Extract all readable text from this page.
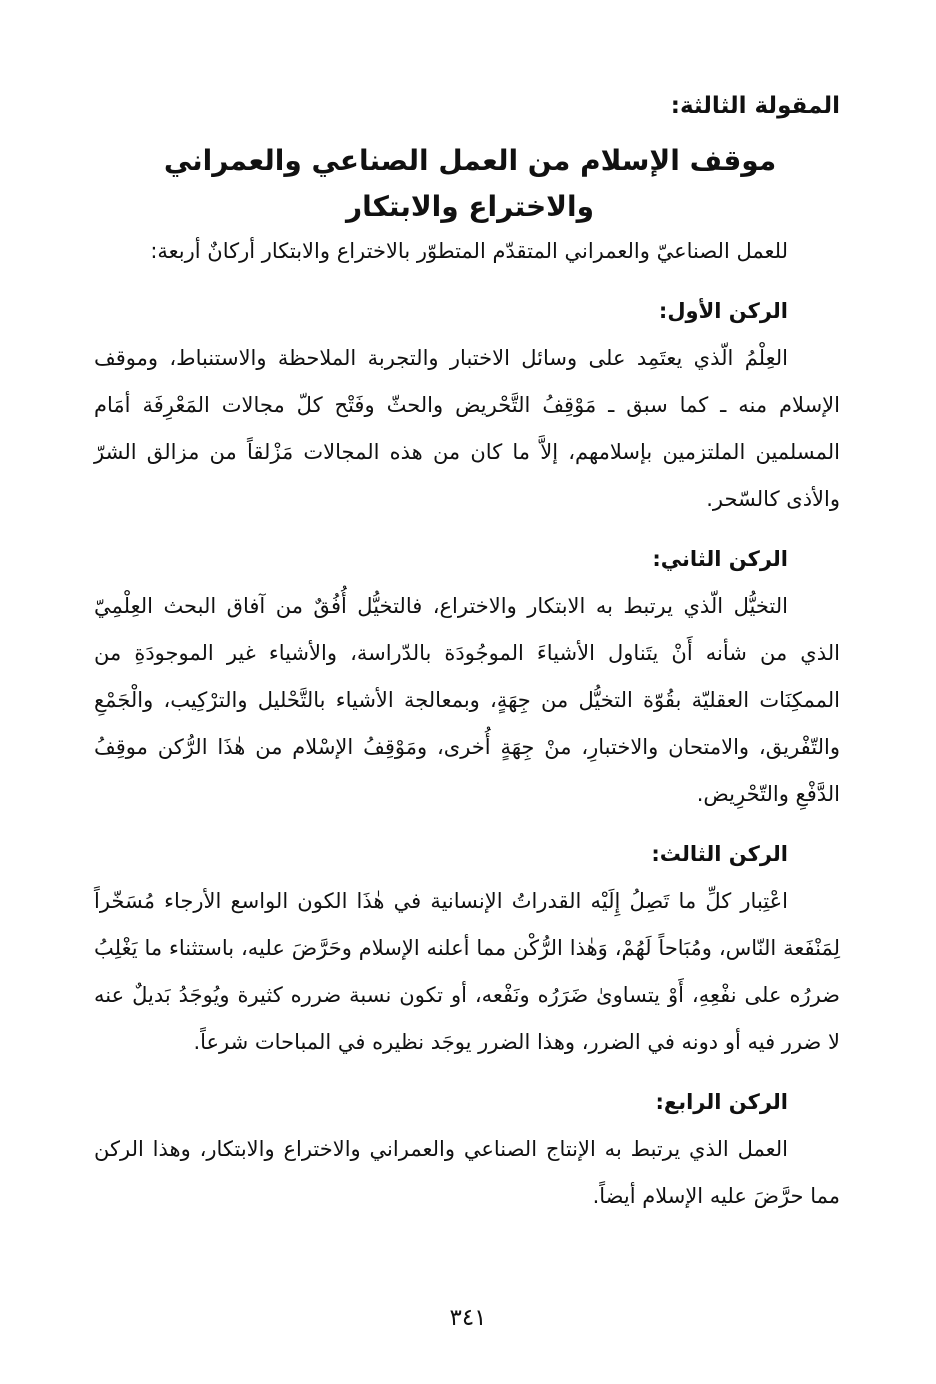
المقولة الثالثة:
موقف الإسلام من العمل الصناعي والعمراني
والاختراع والابتكار

للعمل الصناعيّ والعمراني المتقدّم المتطوّر بالاختراع والابتكار أركانٌ أربعة:

الركن الأول:

العِلْمُ الّذي يعتَمِد على وسائل الاختبار والتجربة الملاحظة والاستنباط، وموقف الإسلام منه ـ كما سبق ـ مَوْقِفُ التَّحْريض والحثّ وفَتْح كلّ مجالات المَعْرِفَة أمَام المسلمين الملتزمين بإسلامهم، إلاَّ ما كان من هذه المجالات مَزْلقاً من مزالق الشرّ والأذى كالسّحر.

الركن الثاني:

التخيُّل الّذي يرتبط به الابتكار والاختراع، فالتخيُّل أُفُقٌ من آفاق البحث العِلْمِيّ الذي من شأنه أَنْ يتَناول الأشياءَ الموجُودَة بالدّراسة، والأشياء غير الموجودَةِ من الممكِنَات العقليّة بقُوّة التخيُّل من جِهَةٍ، وبمعالجة الأشياء بالتَّحْليل والترْكِيب، والْجَمْعِ والتّفْريق، والامتحان والاختبارِ، منْ جِهَةٍ أُخرى، ومَوْقِفُ الإسْلام من هٰذَا الرُّكن موقِفُ الدَّفْعِ والتّحْرِيض.

الركن الثالث:

اعْتِبار كلِّ ما تَصِلُ إِلَيْه القدراتُ الإنسانية في هٰذَا الكون الواسع الأرجاء مُسَخّراً لِمَنْفَعة النّاس، ومُبَاحاً لَهُمْ، وَهٰذا الرُّكْن مما أعلنه الإسلام وحَرَّضَ عليه، باستثناء ما يَغْلِبُ ضررُه على نفْعِهِ، أَوْ يتساوىٰ ضَرَرُه ونَفْعه، أو تكون نسبة ضرره كثيرة ويُوجَدُ بَديلٌ عنه لا ضرر فيه أو دونه في الضرر، وهذا الضرر يوجَد نظيره في المباحات شرعاً.

الركن الرابع:

العمل الذي يرتبط به الإنتاج الصناعي والعمراني والاختراع والابتكار، وهذا الركن مما حرَّضَ عليه الإسلام أيضاً.

٣٤١
